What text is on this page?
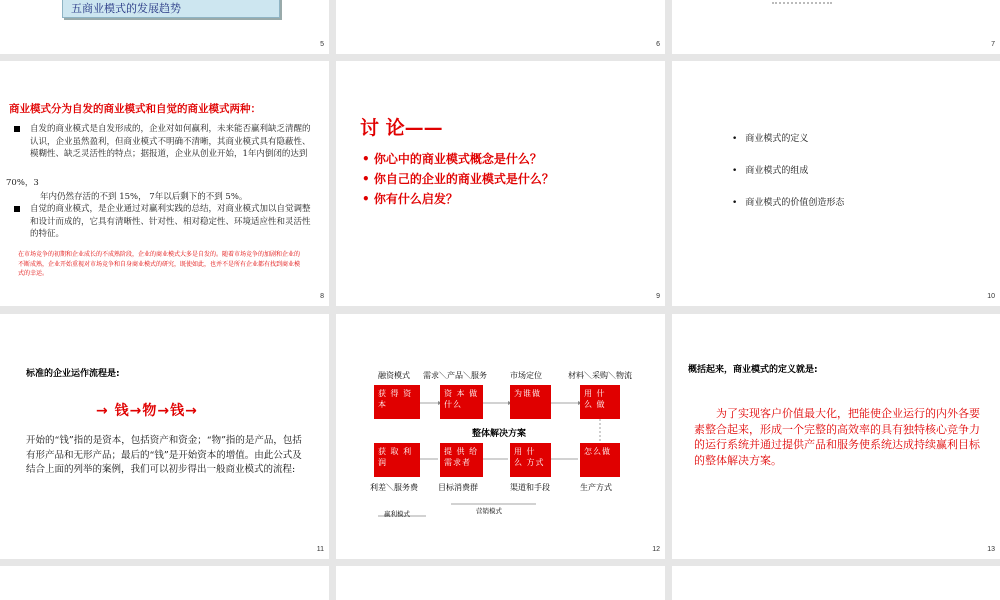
五商业模式的发展趋势
5	6	7
商业模式分为自发的商业模式和自觉的商业模式两种：
自发的商业模式是自发形成的，企业对如何赢利，未来能否赢利缺乏清醒的认识，企业虽然盈利，但商业模式不明确不清晰，其商业模式具有隐蔽性、模糊性、缺乏灵活性的特点；据报道，企业从创业开始，1年内倒闭的达到
70%，3
年内仍然存活的不到 15%， 7年以后剩下的不到 5%。
自觉的商业模式，是企业通过对赢利实践的总结，对商业模式加以自觉调整和设计而成的，它具有清晰性、针对性、相对稳定性、环境适应性和灵活性的特征。
在市场竞争的初期和企业成长的不成熟阶段，企业的商业模式大多是自发的。随着市场竞争的加剧和企业的不断成熟，企业开始重视对市场竞争和自身商业模式的研究，既使如此，也并不是所有企业都有找到商业模式的幸运。
8
讨 论——
• 你心中的商业模式概念是什么？
• 你自己的企业的商业模式是什么？
• 你有什么启发？
9
• 商业模式的定义
• 商业模式的组成
• 商业模式的价值创造形态
10
标准的企业运作流程是:
→ 钱→物→钱→
开始的“钱”指的是资本，包括资产和资金；“物”指的是产品，包括有形产品和无形产品；最后的“钱”是开始资本的增值。由此公式及结合上面的列举的案例，我们可以初步得出一般商业模式的流程:
11
融资模式 需求＼产品＼服务	市场定位	材料＼采购＼物流
获 得 资 本
资 本 做 什么
为谁做	用 什 么 做
整体解决方案
获 取 利 润
提 供 给 需求者
用 什 么 方式
怎么做
利差＼服务费	目标消费群	渠道和手段	生产方式
赢利模式	营销模式
12
概括起来，商业模式的定义就是:
为了实现客户价值最大化，把能使企业运行的内外各要素整合起来，形成一个完整的高效率的具有独特核心竞争力的运行系统并通过提供产品和服务使系统达成持续赢利目标的整体解决方案。
13
